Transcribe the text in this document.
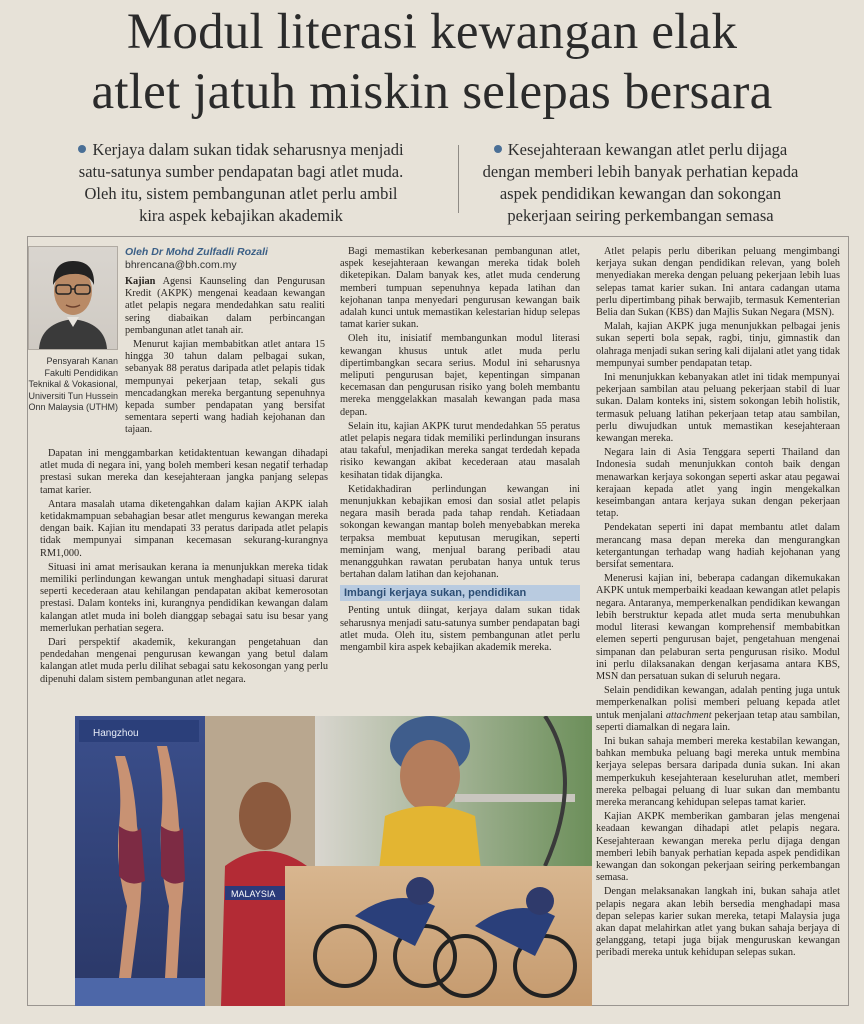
Modul literasi kewangan elak
atlet jatuh miskin selepas bersara
Kerjaya dalam sukan tidak seharusnya menjadi satu-satunya sumber pendapatan bagi atlet muda. Oleh itu, sistem pembangunan atlet perlu ambil kira aspek kebajikan akademik
Kesejahteraan kewangan atlet perlu dijaga dengan memberi lebih banyak perhatian kepada aspek pendidikan kewangan dan sokongan pekerjaan seiring perkembangan semasa
Pensyarah Kanan Fakulti Pendidikan Teknikal & Vokasional, Universiti Tun Hussein Onn Malaysia (UTHM)
Oleh Dr Mohd Zulfadli Rozali
bhrencana@bh.com.my

Kajian Agensi Kaunseling dan Pengurusan Kredit (AKPK) mengenai keadaan kewangan atlet pelapis negara mendedahkan satu realiti sering diabaikan dalam perbincangan pembangunan atlet tanah air.

Menurut kajian membabitkan atlet antara 15 hingga 30 tahun dalam pelbagai sukan, sebanyak 88 peratus daripada atlet pelapis tidak mempunyai pekerjaan tetap, sekali gus mencadangkan mereka bergantung sepenuhnya kepada sumber pendapatan yang bersifat sementara seperti wang hadiah kejohanan dan tajaan.

Dapatan ini menggambarkan ketidaktentuan kewangan dihadapi atlet muda di negara ini, yang boleh memberi kesan negatif terhadap prestasi sukan mereka dan kesejahteraan jangka panjang selepas tamat karier.

Antara masalah utama diketengahkan dalam kajian AKPK ialah ketidakmampuan sebahagian besar atlet mengurus kewangan mereka dengan baik. Kajian itu mendapati 33 peratus daripada atlet pelapis tidak mempunyai simpanan kecemasan sekurang-kurangnya RM1,000.

Situasi ini amat merisaukan kerana ia menunjukkan mereka tidak memiliki perlindungan kewangan untuk menghadapi situasi darurat seperti kecederaan atau kehilangan pendapatan akibat kemerosotan prestasi. Dalam konteks ini, kurangnya pendidikan kewangan dalam kalangan atlet muda ini boleh dianggap sebagai satu isu besar yang memerlukan perhatian segera.

Dari perspektif akademik, kekurangan pengetahuan dan pendedahan mengenai pengurusan kewangan yang betul dalam kalangan atlet muda perlu dilihat sebagai satu kekosongan yang perlu dipenuhi dalam sistem pembangunan atlet negara.

Bagi memastikan keberkesanan pembangunan atlet, aspek kesejahteraan kewangan mereka tidak boleh diketepikan. Dalam banyak kes, atlet muda cenderung memberi tumpuan sepenuhnya kepada latihan dan kejohanan tanpa menyedari pengurusan kewangan baik adalah kunci untuk memastikan kelestarian hidup selepas tamat karier sukan.

Oleh itu, inisiatif membangunkan modul literasi kewangan khusus untuk atlet muda perlu dipertimbangkan secara serius. Modul ini seharusnya meliputi pengurusan bajet, kepentingan simpanan kecemasan dan pengurusan risiko yang boleh membantu mereka menggelakkan masalah kewangan pada masa depan.

Selain itu, kajian AKPK turut mendedahkan 55 peratus atlet pelapis negara tidak memiliki perlindungan insurans atau takaful, menjadikan mereka sangat terdedah kepada risiko kewangan akibat kecederaan atau masalah kesihatan tidak dijangka.

Ketidakhadiran perlindungan kewangan ini menunjukkan kebajikan emosi dan sosial atlet pelapis negara masih berada pada tahap rendah. Ketiadaan sokongan kewangan mantap boleh menyebabkan mereka terpaksa membuat keputusan merugikan, seperti meminjam wang, menjual barang peribadi atau menangguhkan rawatan perubatan hanya untuk terus bertahan dalam latihan dan kejohanan.

Imbangi kerjaya sukan, pendidikan

Penting untuk diingat, kerjaya dalam sukan tidak seharusnya menjadi satu-satunya sumber pendapatan bagi atlet muda. Oleh itu, sistem pembangunan atlet perlu mengambil kira aspek kebajikan akademik mereka.

Atlet pelapis perlu diberikan peluang mengimbangi kerjaya sukan dengan pendidikan relevan, yang boleh menyediakan mereka dengan peluang pekerjaan lebih luas selepas tamat karier sukan. Ini antara cadangan utama perlu dipertimbang pihak berwajib, termasuk Kementerian Belia dan Sukan (KBS) dan Majlis Sukan Negara (MSN).

Malah, kajian AKPK juga menunjukkan pelbagai jenis sukan seperti bola sepak, ragbi, tinju, gimnastik dan olahraga menjadi sukan sering kali dijalani atlet yang tidak mempunyai sumber pendapatan tetap.

Ini menunjukkan kebanyakan atlet ini tidak mempunyai pekerjaan sambilan atau peluang pekerjaan stabil di luar sukan. Dalam konteks ini, sistem sokongan lebih holistik, termasuk peluang latihan pekerjaan tetap atau sambilan, perlu diwujudkan untuk memastikan kesejahteraan kewangan mereka.

Negara lain di Asia Tenggara seperti Thailand dan Indonesia sudah menunjukkan contoh baik dengan menawarkan kerjaya sokongan seperti askar atau pegawai kerajaan kepada atlet yang ingin mengekalkan keseimbangan antara kerjaya sukan dengan pekerjaan tetap.

Pendekatan seperti ini dapat membantu atlet dalam merancang masa depan mereka dan mengurangkan ketergantungan terhadap wang hadiah kejohanan yang bersifat sementara.

Menerusi kajian ini, beberapa cadangan dikemukakan AKPK untuk memperbaiki keadaan kewangan atlet pelapis negara. Antaranya, memperkenalkan pendidikan kewangan lebih berstruktur kepada atlet muda serta menubuhkan modul literasi kewangan komprehensif membabitkan elemen seperti pengurusan bajet, pengetahuan mengenai simpanan dan pelaburan serta pengurusan risiko. Modul ini perlu dilaksanakan dengan kerjasama antara KBS, MSN dan persatuan sukan di seluruh negara.

Selain pendidikan kewangan, adalah penting juga untuk memperkenalkan polisi memberi peluang kepada atlet untuk menjalani attachment pekerjaan tetap atau sambilan, seperti diamalkan di negara lain.

Ini bukan sahaja memberi mereka kestabilan kewangan, bahkan membuka peluang bagi mereka untuk membina kerjaya selepas bersara daripada dunia sukan. Ini akan memperkukuh kesejahteraan keseluruhan atlet, memberi mereka pelbagai peluang di luar sukan dan membantu mereka merancang kehidupan selepas tamat karier.

Kajian AKPK memberikan gambaran jelas mengenai keadaan kewangan dihadapi atlet pelapis negara. Kesejahteraan kewangan mereka perlu dijaga dengan memberi lebih banyak perhatian kepada aspek pendidikan kewangan dan sokongan pekerjaan seiring perkembangan semasa.

Dengan melaksanakan langkah ini, bukan sahaja atlet pelapis negara akan lebih bersedia menghadapi masa depan selepas karier sukan mereka, tetapi Malaysia juga akan dapat melahirkan atlet yang bukan sahaja berjaya di gelanggang, tetapi juga bijak menguruskan kewangan peribadi mereka untuk kehidupan selepas sukan.

Hangzhou
MALAYSIA
